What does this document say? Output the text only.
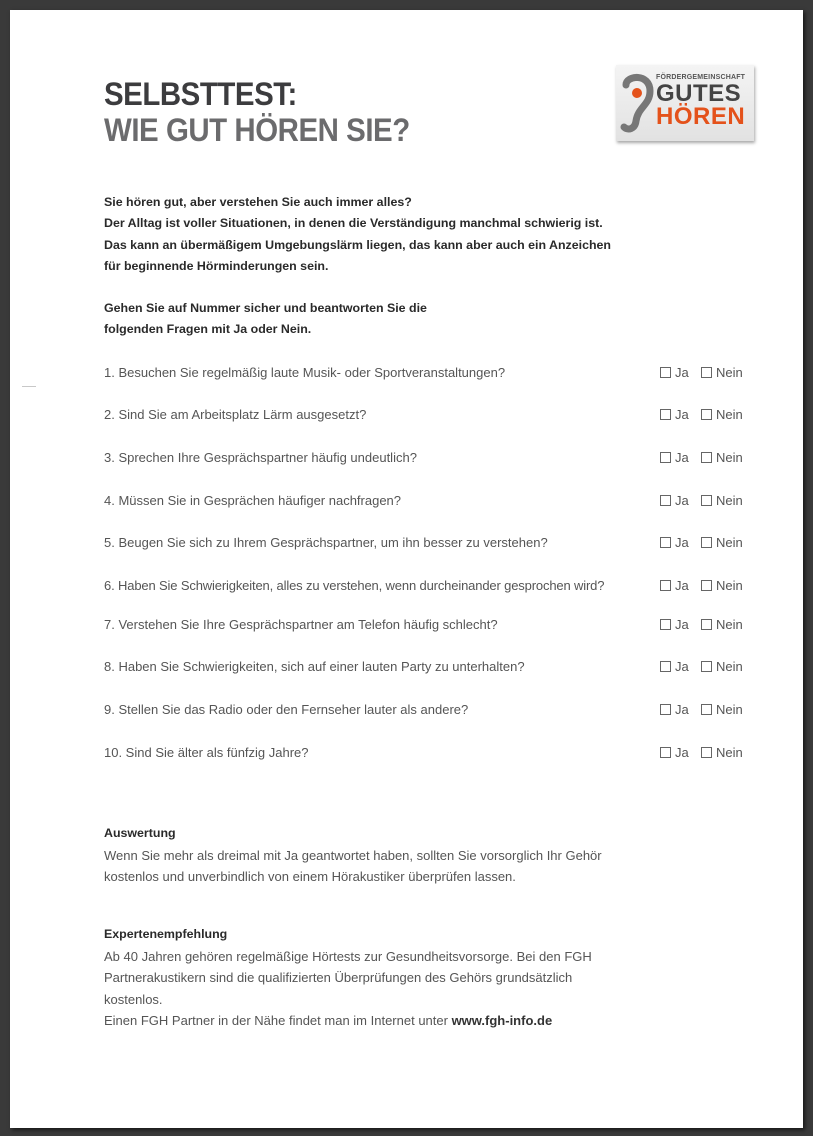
SELBSTTEST:
WIE GUT HÖREN SIE?
FÖRDERGEMEINSCHAFT
GUTES
HÖREN
Sie hören gut, aber verstehen Sie auch immer alles?
Der Alltag ist voller Situationen, in denen die Verständigung manchmal schwierig ist.
Das kann an übermäßigem Umgebungslärm liegen, das kann aber auch ein Anzeichen
für beginnende Hörminderungen sein.
Gehen Sie auf Nummer sicher und beantworten Sie die
folgenden Fragen mit Ja oder Nein.
1. Besuchen Sie regelmäßig laute Musik- oder Sportveranstaltungen?	Ja	Nein
2. Sind Sie am Arbeitsplatz Lärm ausgesetzt?	Ja	Nein
3. Sprechen Ihre Gesprächspartner häufig undeutlich?	Ja	Nein
4. Müssen Sie in Gesprächen häufiger nachfragen?	Ja	Nein
5. Beugen Sie sich zu Ihrem Gesprächspartner, um ihn besser zu verstehen?	Ja	Nein
6. Haben Sie Schwierigkeiten, alles zu verstehen, wenn durcheinander gesprochen wird?	Ja	Nein
7. Verstehen Sie Ihre Gesprächspartner am Telefon häufig schlecht?	Ja	Nein
8. Haben Sie Schwierigkeiten, sich auf einer lauten Party zu unterhalten?	Ja	Nein
9. Stellen Sie das Radio oder den Fernseher lauter als andere?	Ja	Nein
10. Sind Sie älter als fünfzig Jahre?	Ja	Nein
Auswertung
Wenn Sie mehr als dreimal mit Ja geantwortet haben, sollten Sie vorsorglich Ihr Gehör
kostenlos und unverbindlich von einem Hörakustiker überprüfen lassen.
Expertenempfehlung
Ab 40 Jahren gehören regelmäßige Hörtests zur Gesundheitsvorsorge. Bei den FGH
Partnerakustikern sind die qualifizierten Überprüfungen des Gehörs grundsätzlich
kostenlos.
Einen FGH Partner in der Nähe findet man im Internet unter www.fgh-info.de
